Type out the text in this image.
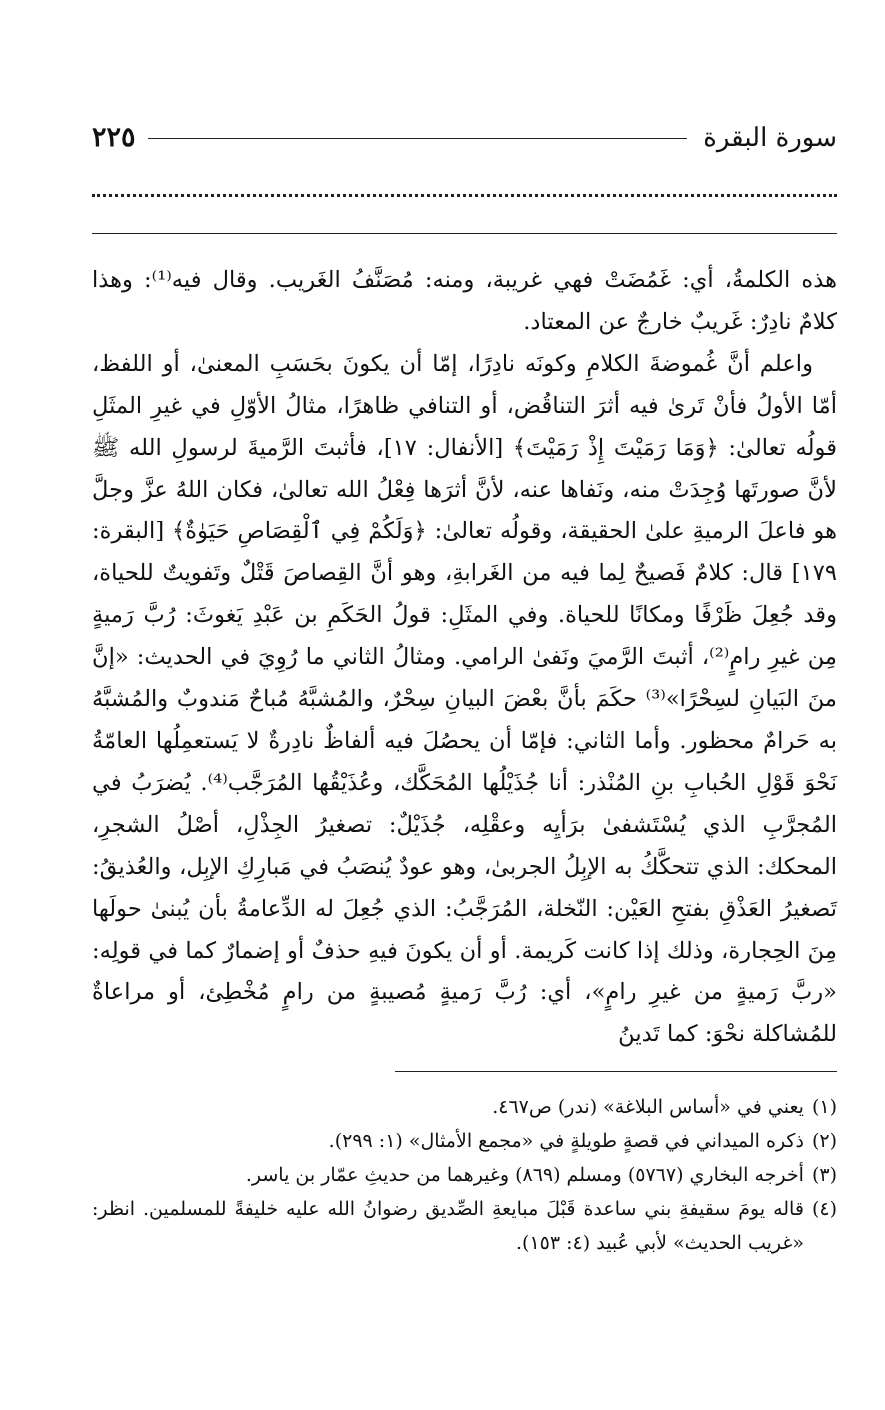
سورة البقرة
٢٢٥

هذه الكلمةُ، أي: غَمُضَتْ فهي غريبة، ومنه: مُصَنَّفُ الغَريب. وقال فيه⁽¹⁾: وهذا كلامٌ نادِرٌ: غَريبٌ خارجٌ عن المعتاد.

واعلم أنَّ غُموضةَ الكلامِ وكونَه نادِرًا، إمّا أن يكونَ بحَسَبِ المعنىٰ، أو اللفظ، أمّا الأولُ فأنْ تَرىٰ فيه أثرَ التناقُض، أو التنافي ظاهرًا، مثالُ الأوّلِ في غيرِ المثَلِ قولُه تعالىٰ: ﴿وَمَا رَمَيْتَ إِذْ رَمَيْتَ﴾ [الأنفال: ١٧]، فأثبتَ الرَّميةَ لرسولِ الله ﷺ لأنَّ صورتَها وُجِدَتْ منه، ونَفاها عنه، لأنَّ أثرَها فِعْلُ الله تعالىٰ، فكان اللهُ عزَّ وجلَّ هو فاعلَ الرميةِ علىٰ الحقيقة، وقولُه تعالىٰ: ﴿وَلَكُمْ فِي ٱلْقِصَاصِ حَيَوٰةٌ﴾ [البقرة: ١٧٩] قال: كلامٌ فَصيحٌ لِما فيه من الغَرابةِ، وهو أنَّ القِصاصَ قَتْلٌ وتَفويتٌ للحياة، وقد جُعِلَ ظَرْفًا ومكانًا للحياة. وفي المثَلِ: قولُ الحَكَمِ بن عَبْدِ يَغوثَ: رُبَّ رَميةٍ مِن غيرِ رامٍ⁽²⁾، أثبتَ الرَّميَ ونَفىٰ الرامي. ومثالُ الثاني ما رُوِيَ في الحديث: «إنَّ منَ البَيانِ لسِحْرًا»⁽³⁾ حكَمَ بأنَّ بعْضَ البيانِ سِحْرٌ، والمُشبَّهُ مُباحٌ مَندوبٌ والمُشبَّهُ به حَرامٌ محظور. وأما الثاني: فإمّا أن يحصُلَ فيه ألفاظٌ نادِرةٌ لا يَستعمِلُها العامّةُ نَحْوَ قَوْلِ الحُبابِ بنِ المُنْذر: أنا جُذَيْلُها المُحَكَّك، وعُذَيْقُها المُرَجَّب⁽⁴⁾. يُضرَبُ في المُجرَّبِ الذي يُسْتَشفىٰ برَأيِه وعقْلِه، جُذَيْلٌ: تصغيرُ الجِذْلِ، أصْلُ الشجرِ، المحكك: الذي تتحكَّكُ به الإبِلُ الجربىٰ، وهو عودٌ يُنصَبُ في مَبارِكِ الإبِل، والعُذيقُ: تَصغيرُ العَذْقِ بفتحِ العَيْن: النّخلة، المُرَجَّبُ: الذي جُعِلَ له الدِّعامةُ بأن يُبنىٰ حولَها مِنَ الحِجارة، وذلك إذا كانت كَريمة. أو أن يكونَ فيهِ حذفٌ أو إضمارٌ كما في قولِه: «ربَّ رَميةٍ من غيرِ رامٍ»، أي: رُبَّ رَميةٍ مُصيبةٍ من رامٍ مُخْطِئ، أو مراعاةٌ للمُشاكلة نحْوَ: كما تَدينُ

(١)
يعني في «أساس البلاغة» (ندر) ص٤٦٧.
(٢)
ذكره الميداني في قصةٍ طويلةٍ في «مجمع الأمثال» (١: ٢٩٩).
(٣)
أخرجه البخاري (٥٧٦٧) ومسلم (٨٦٩) وغيرهما من حديثِ عمّار بن ياسر.
(٤)
قاله يومَ سقيفةِ بني ساعدة قَبْلَ مبايعةِ الصِّديق رضوانُ الله عليه خليفةً للمسلمين. انظر: «غريب الحديث» لأبي عُبيد (٤: ١٥٣).
